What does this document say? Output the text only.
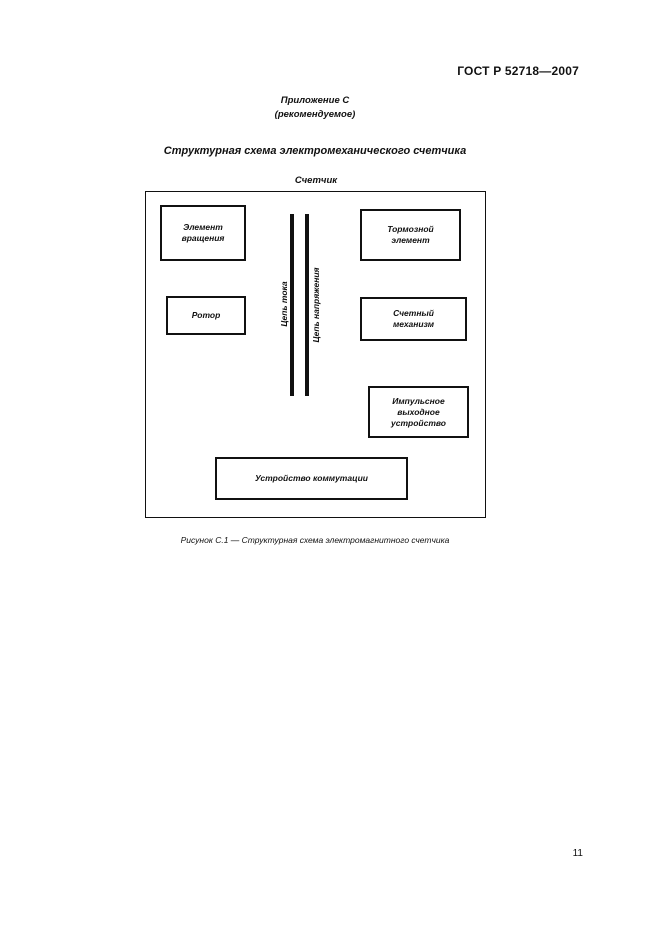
ГОСТ Р 52718—2007
Приложение С
(рекомендуемое)
Структурная схема электромеханического счетчика
Счетчик
Элемент
вращения
Ротор
Тормозной
элемент
Счетный
механизм
Импульсное
выходное
устройство
Устройство коммутации
Цепь тока	Цепь напряжения
Рисунок С.1 — Структурная схема электромагнитного счетчика
11
